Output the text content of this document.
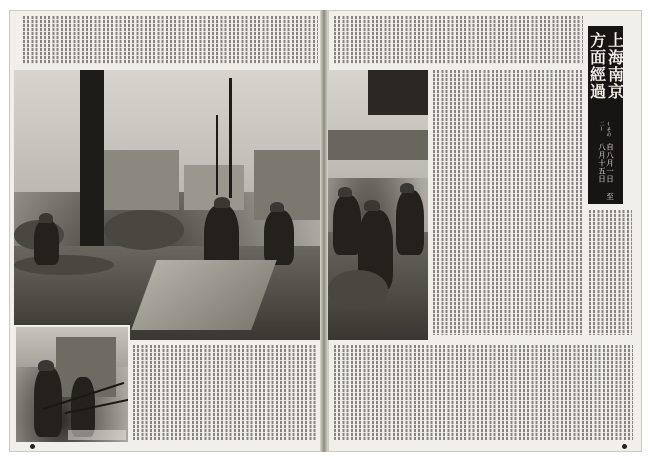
上海南京方面經過
(その二)
自八月一日 至八月十五日
